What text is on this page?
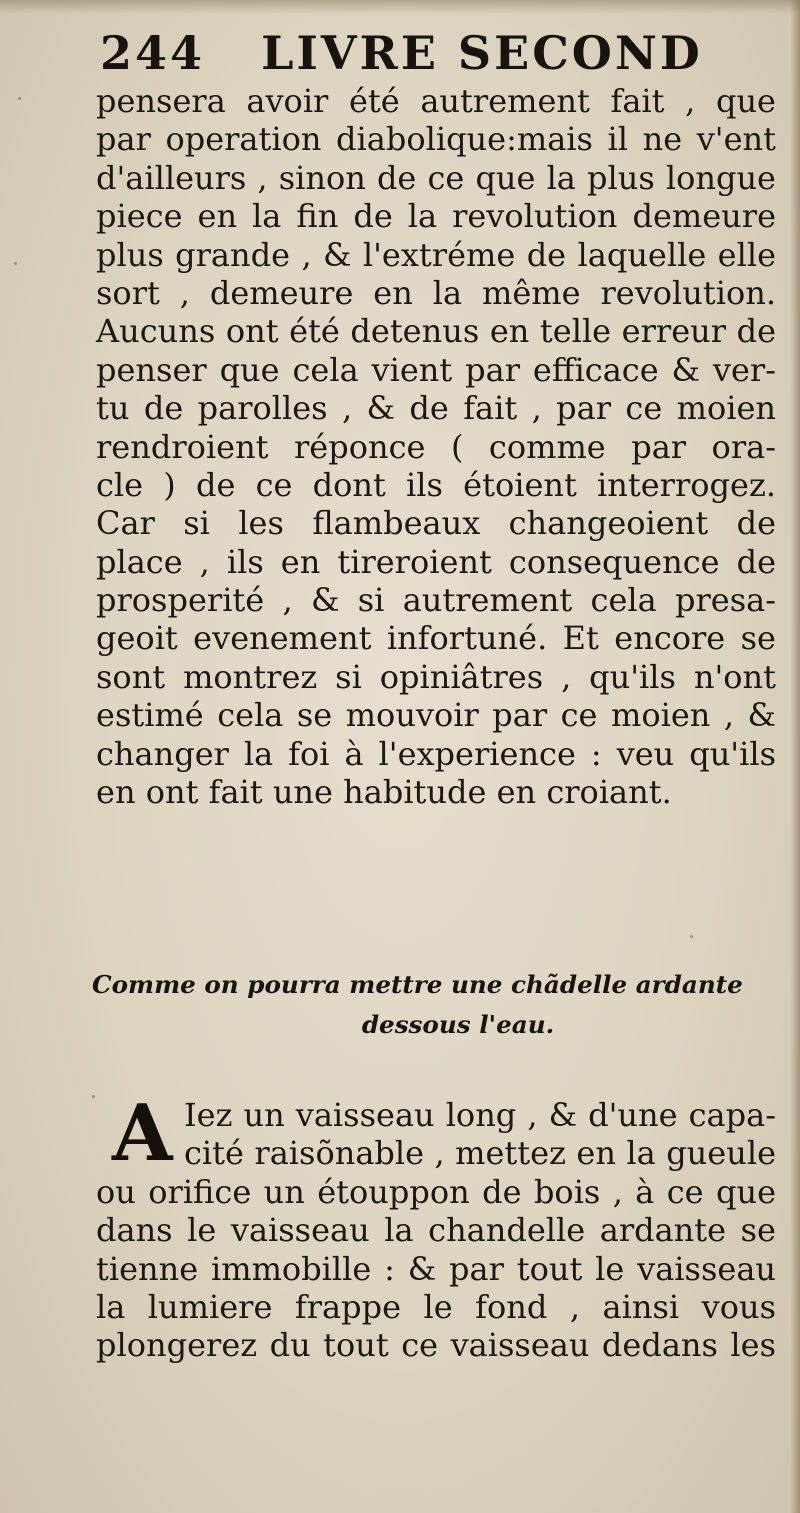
244 LIVRE SECOND
pensera avoir été autrement fait , que
par operation diabolique:mais il ne v'ent
d'ailleurs , sinon de ce que la plus longue
piece en la fin de la revolution demeure
plus grande , & l'extréme de laquelle elle
sort , demeure en la même revolution.
Aucuns ont été detenus en telle erreur de
penser que cela vient par efficace & ver-
tu de parolles , & de fait , par ce moien
rendroient réponce ( comme par ora-
cle ) de ce dont ils étoient interrogez.
Car si les flambeaux changeoient de
place , ils en tireroient consequence de
prosperité , & si autrement cela presa-
geoit evenement infortuné. Et encore se
sont montrez si opiniâtres , qu'ils n'ont
estimé cela se mouvoir par ce moien , &
changer la foi à l'experience : veu qu'ils
en ont fait une habitude en croiant.
Comme on pourra mettre une chãdelle ardante
dessous l'eau.
A Iez un vaisseau long , & d'une capa-
cité raisõnable , mettez en la gueule
ou orifice un étouppon de bois , à ce que
dans le vaisseau la chandelle ardante se
tienne immobille : & par tout le vaisseau
la lumiere frappe le fond , ainsi vous
plongerez du tout ce vaisseau dedans les
